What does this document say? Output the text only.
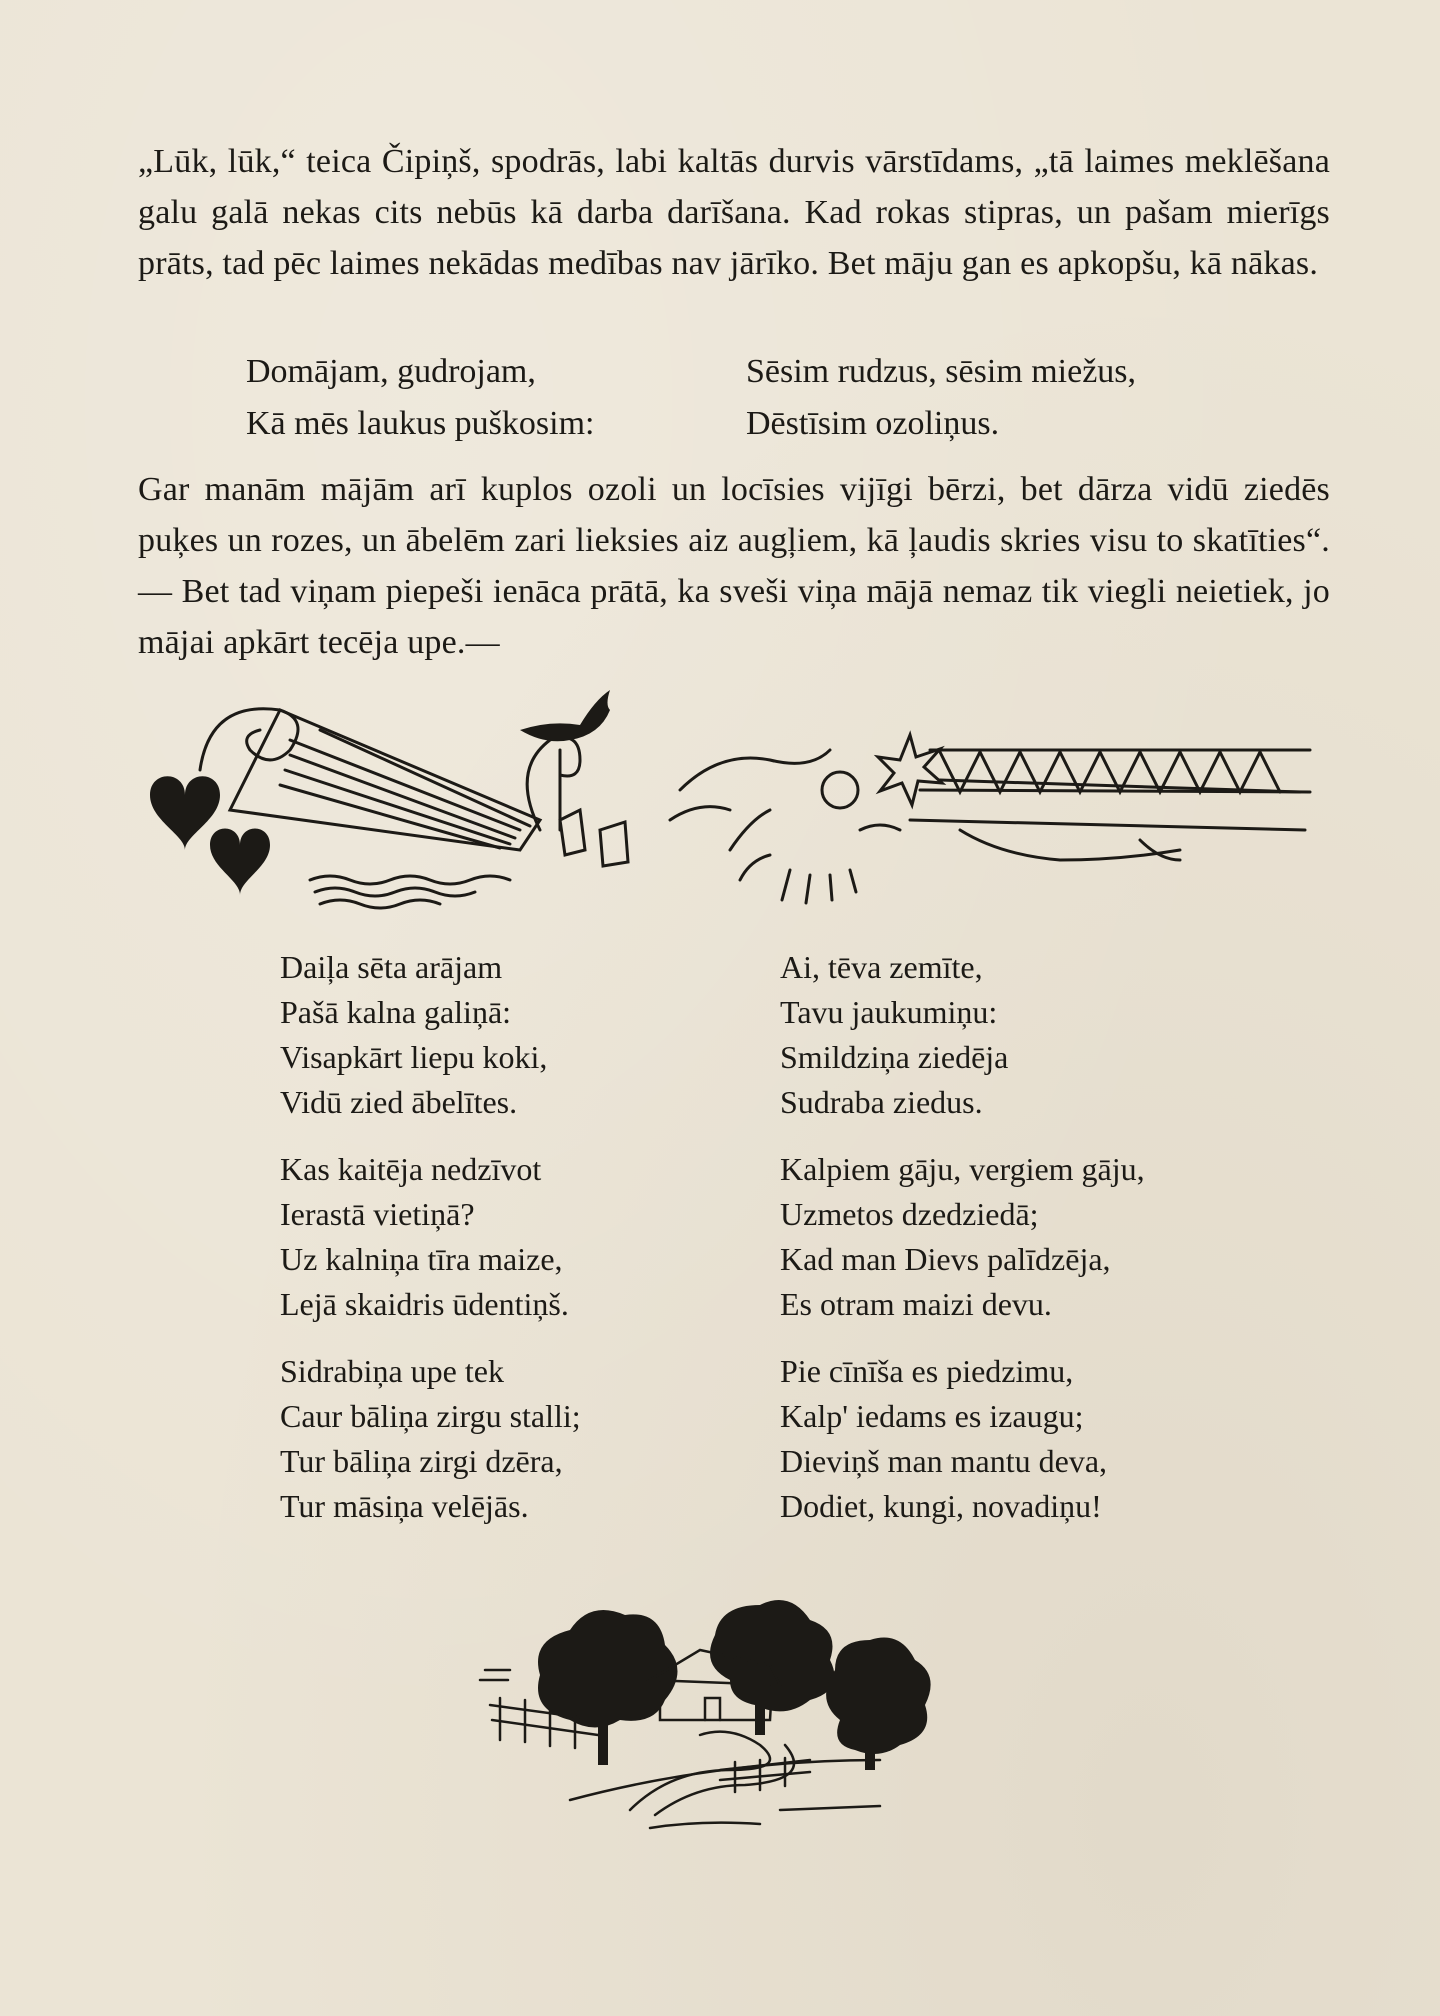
„Lūk, lūk,“ teica Čipiņš, spodrās, labi kaltās durvis vārstīdams, „tā laimes meklēšana galu galā nekas cits nebūs kā darba darīšana. Kad rokas stipras, un pašam mierīgs prāts, tad pēc laimes nekādas medības nav jārīko. Bet māju gan es apkopšu, kā nākas.

Domājam, gudrojam,
Kā mēs laukus puškosim:
Sēsim rudzus, sēsim miežus,
Dēstīsim ozoliņus.

Gar manām mājām arī kuplos ozoli un locīsies vijīgi bērzi, bet dārza vidū ziedēs puķes un rozes, un ābelēm zari lieksies aiz augļiem, kā ļaudis skries visu to skatīties“. — Bet tad viņam piepeši ienāca prātā, ka sveši viņa mājā nemaz tik viegli neietiek, jo mājai apkārt tecēja upe.—

Daiļa sēta arājam
Pašā kalna galiņā:
Visapkārt liepu koki,
Vidū zied ābelītes.
Kas kaitēja nedzīvot
Ierastā vietiņā?
Uz kalniņa tīra maize,
Lejā skaidris ūdentiņš.
Sidrabiņa upe tek
Caur bāliņa zirgu stalli;
Tur bāliņa zirgi dzēra,
Tur māsiņa velējās.
Ai, tēva zemīte,
Tavu jaukumiņu:
Smildziņa ziedēja
Sudraba ziedus.
Kalpiem gāju, vergiem gāju,
Uzmetos dzedziedā;
Kad man Dievs palīdzēja,
Es otram maizi devu.
Pie cīnīša es piedzimu,
Kalp' iedams es izaugu;
Dieviņš man mantu deva,
Dodiet, kungi, novadiņu!
